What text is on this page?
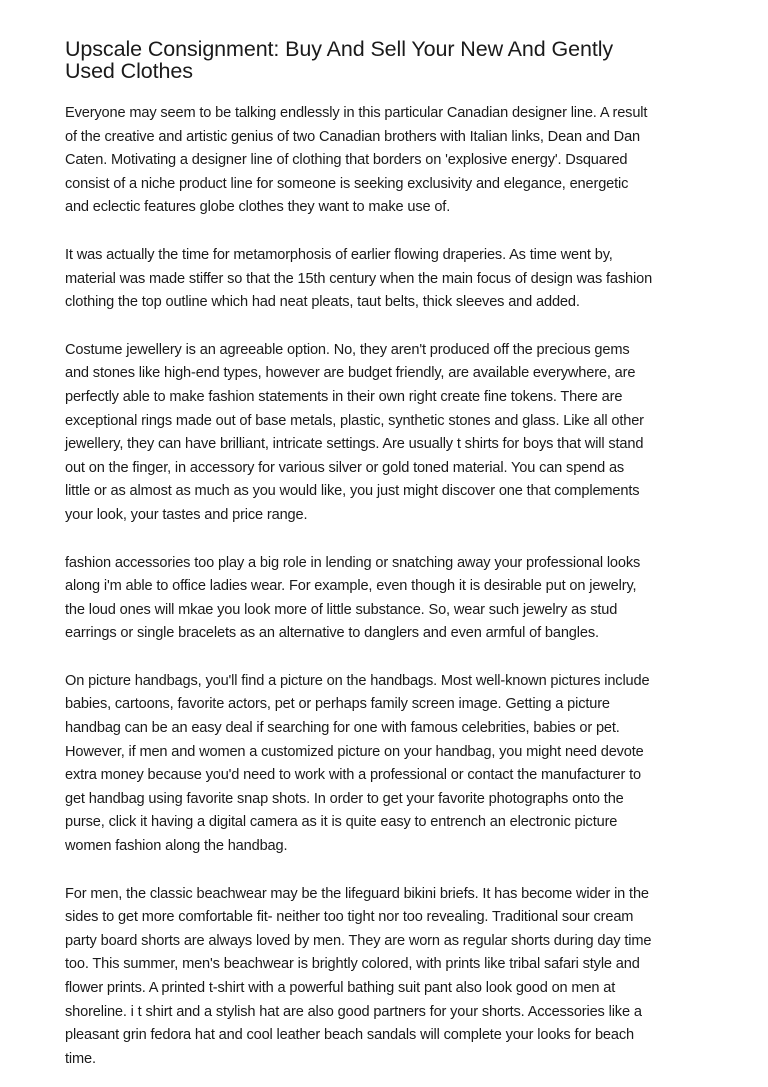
Upscale Consignment: Buy And Sell Your New And Gently
Used Clothes

Everyone may seem to be talking endlessly in this particular Canadian designer line. A result
of the creative and artistic genius of two Canadian brothers with Italian links, Dean and Dan
Caten. Motivating a designer line of clothing that borders on 'explosive energy'. Dsquared
consist of a niche product line for someone is seeking exclusivity and elegance, energetic
and eclectic features globe clothes they want to make use of.

It was actually the time for metamorphosis of earlier flowing draperies. As time went by,
material was made stiffer so that the 15th century when the main focus of design was fashion
clothing the top outline which had neat pleats, taut belts, thick sleeves and added.

Costume jewellery is an agreeable option. No, they aren't produced off the precious gems
and stones like high-end types, however are budget friendly, are available everywhere, are
perfectly able to make fashion statements in their own right create fine tokens. There are
exceptional rings made out of base metals, plastic, synthetic stones and glass. Like all other
jewellery, they can have brilliant, intricate settings. Are usually t shirts for boys that will stand
out on the finger, in accessory for various silver or gold toned material. You can spend as
little or as almost as much as you would like, you just might discover one that complements
your look, your tastes and price range.

fashion accessories too play a big role in lending or snatching away your professional looks
along i'm able to office ladies wear. For example, even though it is desirable put on jewelry,
the loud ones will mkae you look more of little substance. So, wear such jewelry as stud
earrings or single bracelets as an alternative to danglers and even armful of bangles.

On picture handbags, you'll find a picture on the handbags. Most well-known pictures include
babies, cartoons, favorite actors, pet or perhaps family screen image. Getting a picture
handbag can be an easy deal if searching for one with famous celebrities, babies or pet.
However, if men and women a customized picture on your handbag, you might need devote
extra money because you'd need to work with a professional or contact the manufacturer to
get handbag using favorite snap shots. In order to get your favorite photographs onto the
purse, click it having a digital camera as it is quite easy to entrench an electronic picture
women fashion along the handbag.

For men, the classic beachwear may be the lifeguard bikini briefs. It has become wider in the
sides to get more comfortable fit- neither too tight nor too revealing. Traditional sour cream
party board shorts are always loved by men. They are worn as regular shorts during day time
too. This summer, men's beachwear is brightly colored, with prints like tribal safari style and
flower prints. A printed t-shirt with a powerful bathing suit pant also look good on men at
shoreline. i t shirt and a stylish hat are also good partners for your shorts. Accessories like a
pleasant grin fedora hat and cool leather beach sandals will complete your looks for beach
time.
